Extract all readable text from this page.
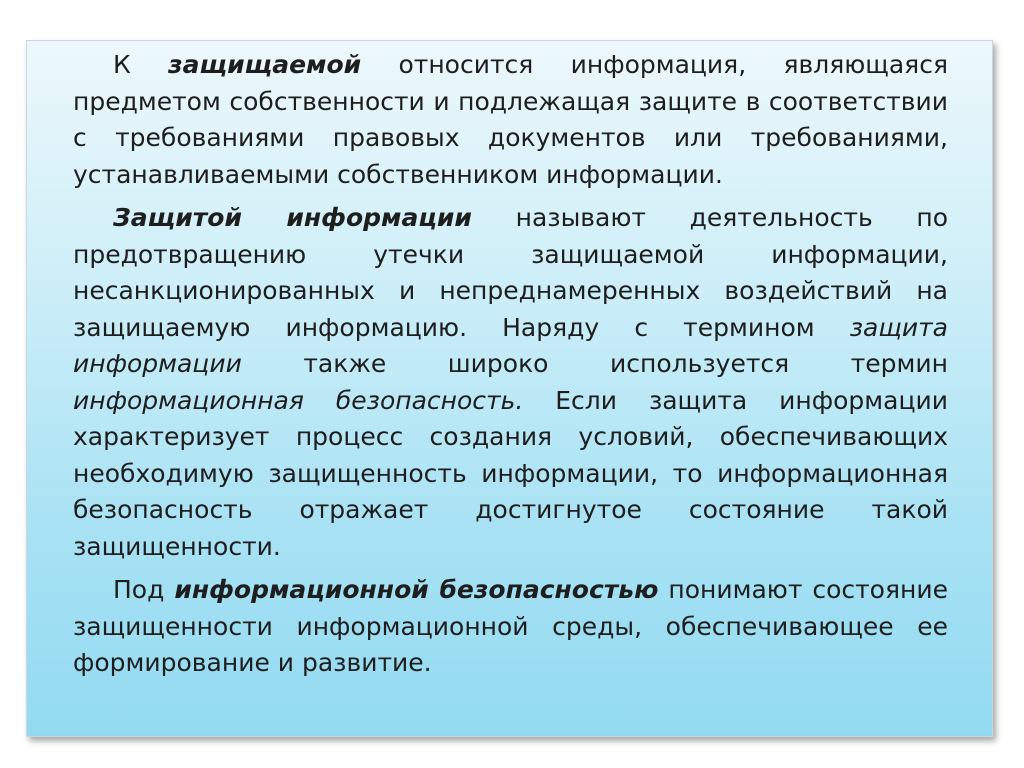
К защищаемой относится информация, являющаяся предметом собственности и подлежащая защите в соответствии с требованиями правовых документов или требованиями, устанавливаемыми собственником информации.

Защитой информации называют деятельность по предотвращению утечки защищаемой информации, несанкционированных и непреднамеренных воздействий на защищаемую информацию. Наряду с термином защита информации также широко используется термин информационная безопасность. Если защита информации характеризует процесс создания условий, обеспечивающих необходимую защищенность информации, то информационная безопасность отражает достигнутое состояние такой защищенности.

Под информационной безопасностью понимают состояние защищенности информационной среды, обеспечивающее ее формирование и развитие.
